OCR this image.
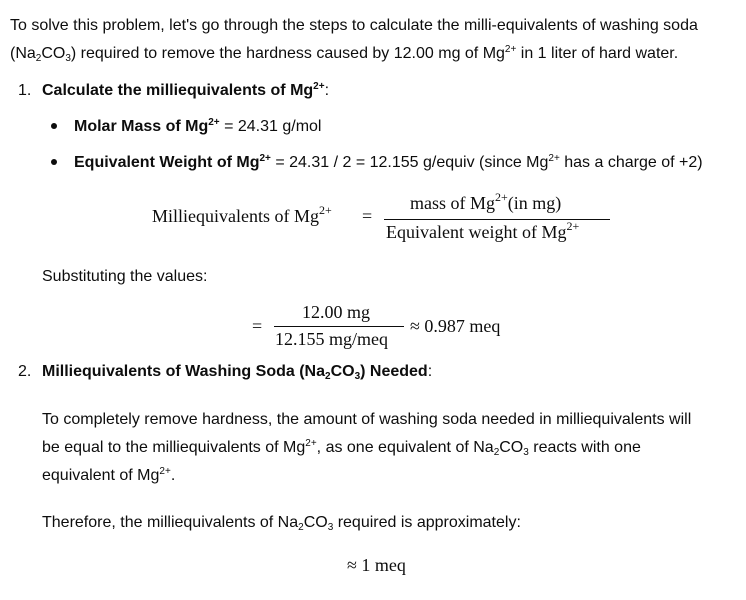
To solve this problem, let's go through the steps to calculate the milli-equivalents of washing soda
$(Na_2CO_3)$ required to remove the hardness caused by 12.00 mg of $Mg^{2+}$ in 1 liter of hard water.
1. Calculate the milliequivalents of $Mg^{2+}$:
Molar Mass of $Mg^{2+} = 24.31$ g/mol
Equivalent Weight of $Mg^{2+} = 24.31 / 2 = 12.155$ g/equiv (since $Mg^{2+}$ has a charge of +2)
Milliequivalents of $Mg^{2+}$ =
mass of $Mg^{2+}(in$ mg)
Equivalent weight of $Mg^{2+}$
Substituting the values:
=
12.00 mg
12.155 mg/meq
≈ 0.987 meq
2. Milliequivalents of Washing Soda $(Na_2CO_3)$ Needed:
To completely remove hardness, the amount of washing soda needed in milliequivalents will
be equal to the milliequivalents of $Mg^{2+}$, as one equivalent of $Na_2CO_3$ reacts with one
equivalent of $Mg^{2+}$.
Therefore, the milliequivalents of $Na_2CO_3$ required is approximately:
≈ 1 meq
